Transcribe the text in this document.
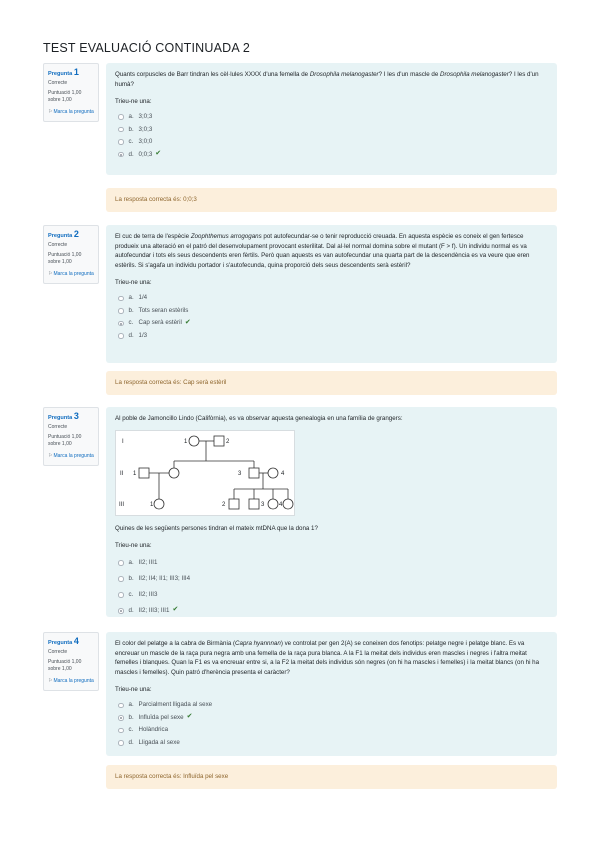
TEST EVALUACIÓ CONTINUADA 2
Pregunta 1
Correcte
Puntuació 1,00 sobre 1,00
⚐Marca la pregunta
Quants corpuscles de Barr tindran les cèl·lules XXXX d'una femella de Drosophila melanogaster? I les d'un mascle de Drosophila melanogaster? I les d'un humà?
Trieu-ne una:
a. 3;0;3
b. 3;0;3
c. 3;0;0
d. 0;0;3 ✔
La resposta correcta és: 0;0;3
Pregunta 2
Correcte
Puntuació 1,00 sobre 1,00
⚐Marca la pregunta
El cuc de terra de l'espècie Zoophthemus arrogogans pot autofecundar-se o tenir reproducció creuada. En aquesta espècie es coneix el gen fertesce produeix una alteració en el patró del desenvolupament provocant esterilitat. Dal al·lel normal domina sobre el mutant (F > f). Un individu normal es va autofecundar i tots els seus descendents eren fèrtils. Però quan aquests es van autofecundar una quarta part de la descendència es va veure que eren estèrils. Si s'agafa un individu portador i s'autofecunda, quina proporció dels seus descendents serà estèril?
Trieu-ne una:
a. 1/4
b. Tots seran estèrils
c. Cap serà estèril ✔
d. 1/3
La resposta correcta és: Cap serà estèril
Pregunta 3
Correcte
Puntuació 1,00 sobre 1,00
⚐Marca la pregunta
Al poble de Jamoncillo Lindo (Califòrnia), es va observar aquesta genealogia en una família de grangers:
I
II
III
1	2
1	3	4
1	2	3 4
Quines de les següents persones tindran el mateix mtDNA que la dona 1?
Trieu-ne una:
a. II2; III1
b. II2; II4; II1; III3; III4
c. II2; III3
d. II2; III3; III1 ✔
Pregunta 4
Correcte
Puntuació 1,00 sobre 1,00
⚐Marca la pregunta
El color del pelatge a la cabra de Birmània (Capra hyannnan) ve controlat per gen 2(A) se coneixen dos fenotips: pelatge negre i pelatge blanc. Es va encreuar un mascle de la raça pura negra amb una femella de la raça pura blanca. A la F1 la meitat dels individus eren mascles i negres i l'altra meitat femelles i blanques. Quan la F1 es va encreuar entre si, a la F2 la meitat dels individus són negres (on hi ha mascles i femelles) i la meitat blancs (on hi ha mascles i femelles). Quin patró d'herència presenta el caràcter?
Trieu-ne una:
a. Parcialment lligada al sexe
b. Influïda pel sexe ✔
c. Holàndrica
d. Lligada al sexe
La resposta correcta és: Influïda pel sexe
